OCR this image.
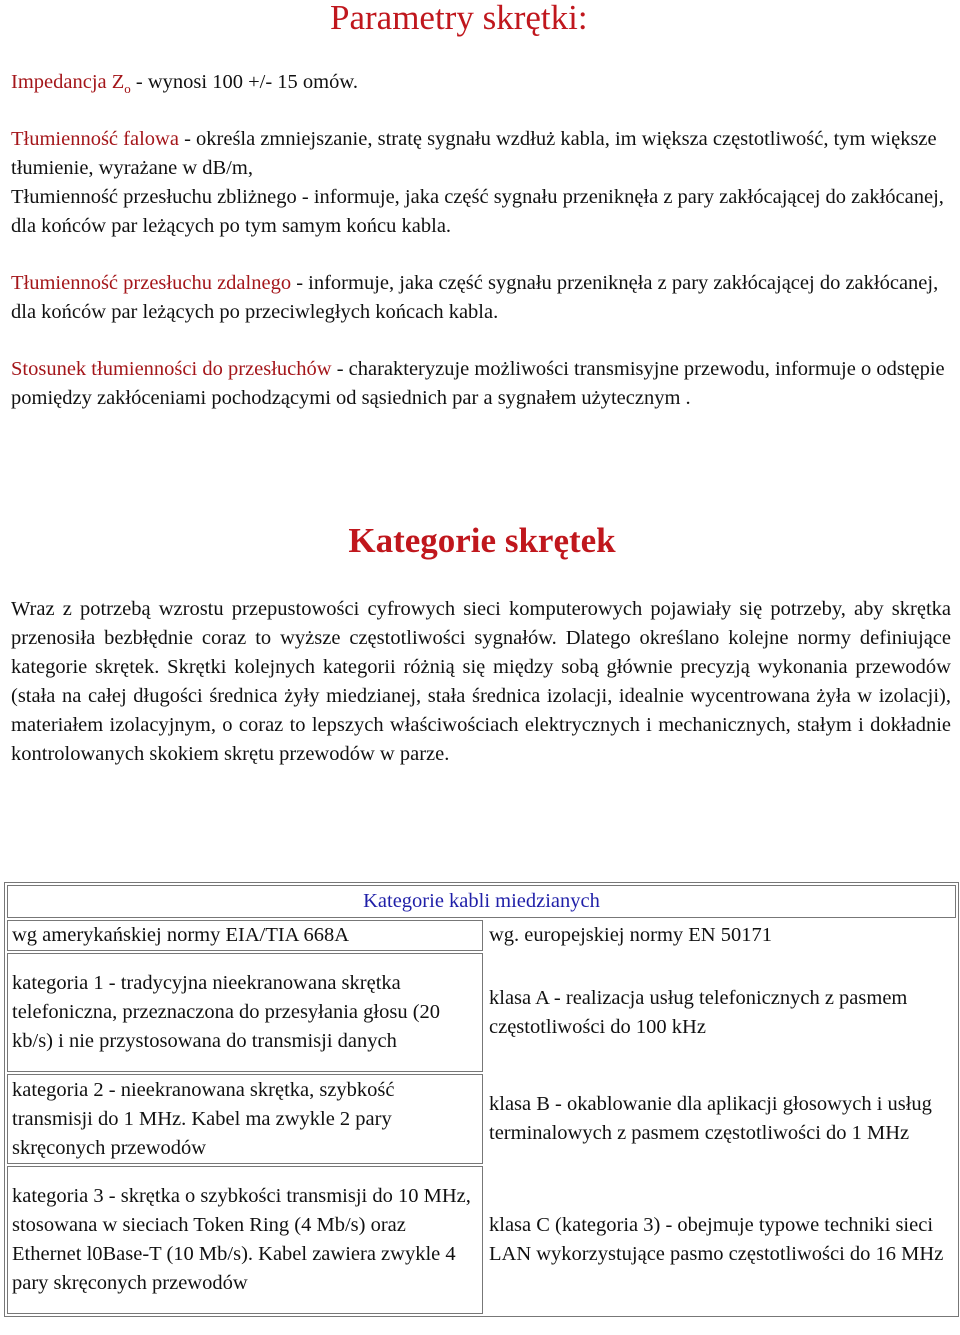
Parametry skrętki:

Impedancja $Z_o$ - wynosi 100 +/- 15 omów.

Tłumienność falowa - określa zmniejszanie, stratę sygnału wzdłuż kabla, im większa częstotliwość, tym większe tłumienie, wyrażane w dB/m,
Tłumienność przesłuchu zbliżnego - informuje, jaka część sygnału przeniknęła z pary zakłócającej do zakłócanej, dla końców par leżących po tym samym końcu kabla.

Tłumienność przesłuchu zdalnego - informuje, jaka część sygnału przeniknęła z pary zakłócającej do zakłócanej, dla końców par leżących po przeciwległych końcach kabla.

Stosunek tłumienności do przesłuchów - charakteryzuje możliwości transmisyjne przewodu, informuje o odstępie pomiędzy zakłóceniami pochodzącymi od sąsiednich par a sygnałem użytecznym .

Kategorie skrętek

Wraz z potrzebą wzrostu przepustowości cyfrowych sieci komputerowych pojawiały się potrzeby, aby skrętka przenosiła bezbłędnie coraz to wyższe częstotliwości sygnałów. Dlatego określano kolejne normy definiujące kategorie skrętek. Skrętki kolejnych kategorii różnią się między sobą głównie precyzją wykonania przewodów (stała na całej długości średnica żyły miedzianej, stała średnica izolacji, idealnie wycentrowana żyła w izolacji), materiałem izolacyjnym, o coraz to lepszych właściwościach elektrycznych i mechanicznych, stałym i dokładnie kontrolowanych skokiem skrętu przewodów w parze.

Kategorie kabli miedzianych	
wg amerykańskiej normy EIA/TIA 668A	wg. europejskiej normy EN 50171
kategoria 1 - tradycyjna nieekranowana skrętka telefoniczna, przeznaczona do przesyłania głosu (20 kb/s) i nie przystosowana do transmisji danych	klasa A - realizacja usług telefonicznych z pasmem częstotliwości do 100 kHz
kategoria 2 - nieekranowana skrętka, szybkość transmisji do 1 MHz. Kabel ma zwykle 2 pary skręconych przewodów	klasa B - okablowanie dla aplikacji głosowych i usług terminalowych z pasmem częstotliwości do 1 MHz
kategoria 3 - skrętka o szybkości transmisji do 10 MHz, stosowana w sieciach Token Ring (4 Mb/s) oraz Ethernet l0Base-T (10 Mb/s). Kabel zawiera zwykle 4 pary skręconych przewodów	klasa C (kategoria 3) - obejmuje typowe techniki sieci LAN wykorzystujące pasmo częstotliwości do 16 MHz
